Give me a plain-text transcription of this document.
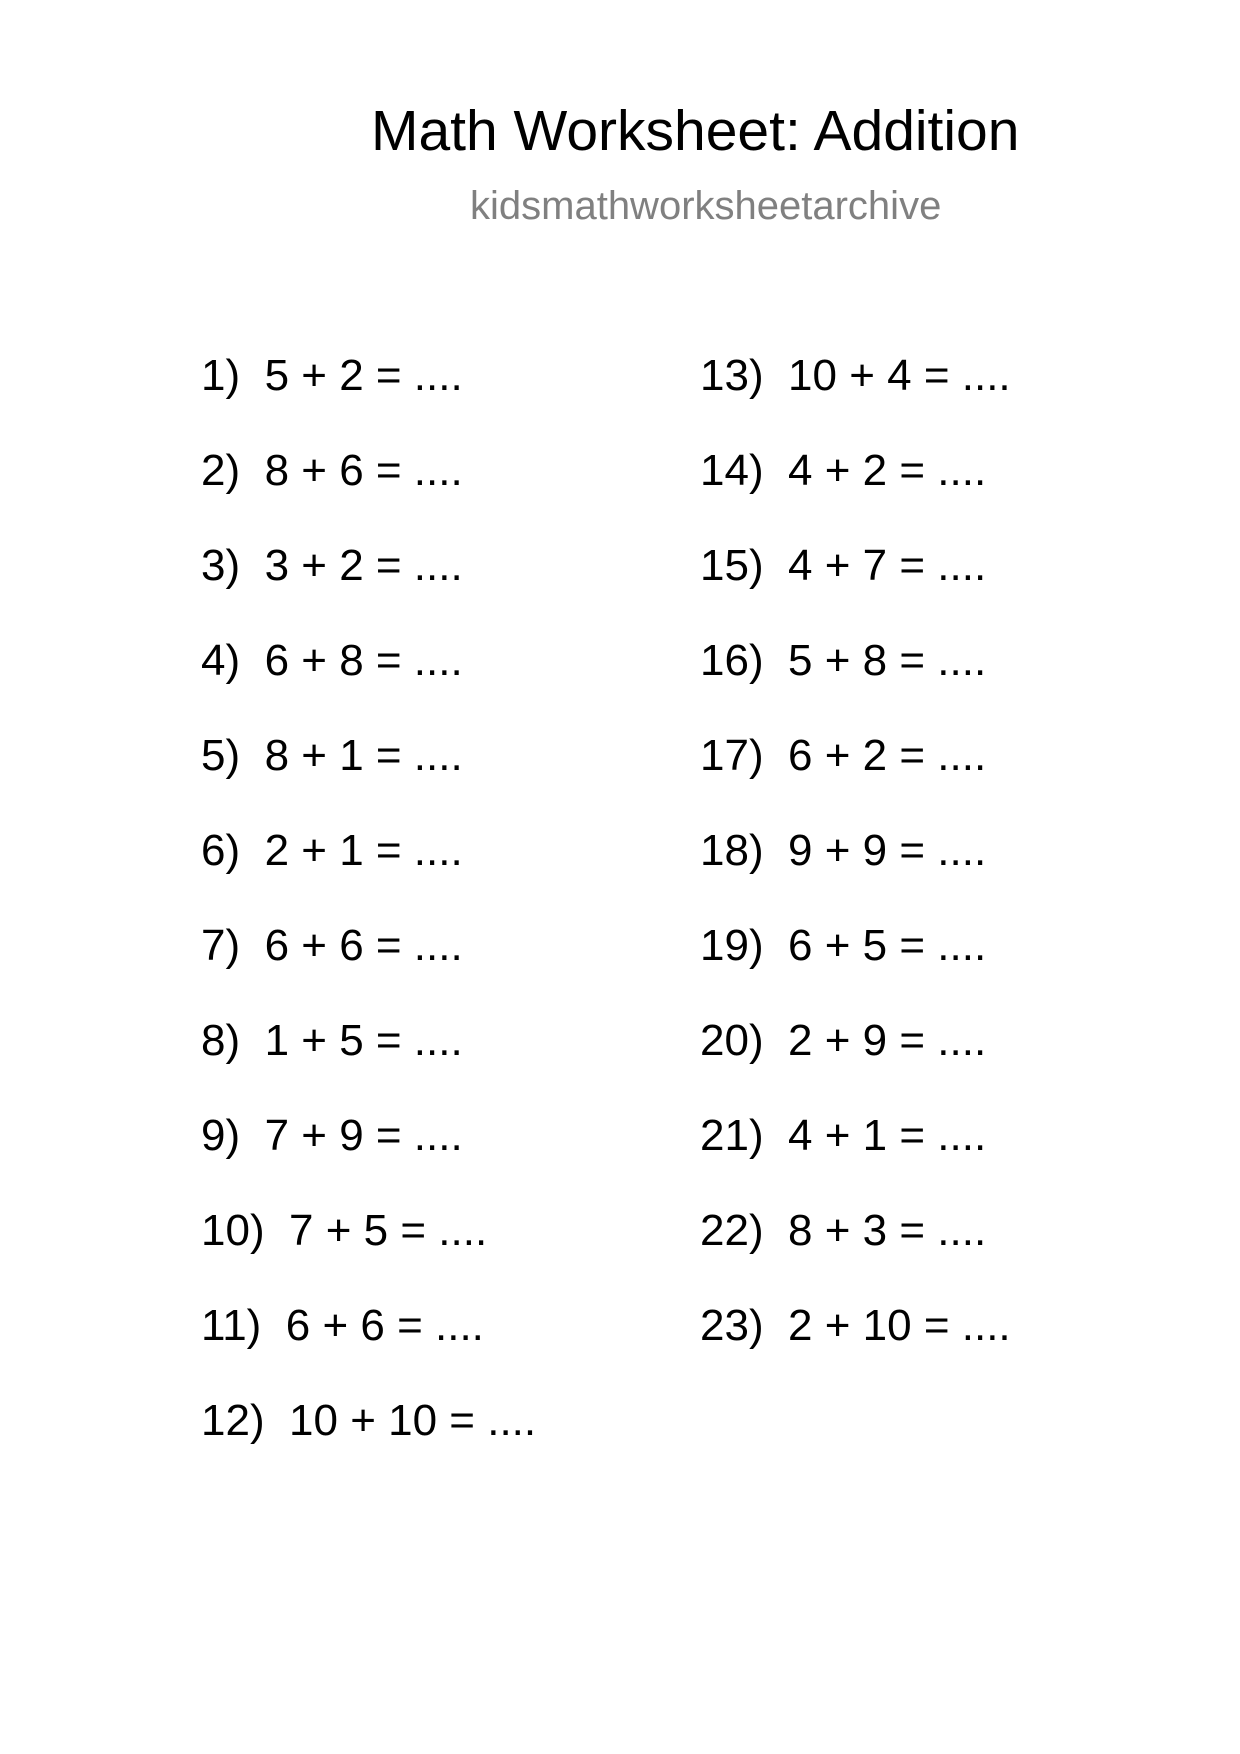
Math Worksheet: Addition
kidsmathworksheetarchive
1)  5 + 2 = ....
2)  8 + 6 = ....
3)  3 + 2 = ....
4)  6 + 8 = ....
5)  8 + 1 = ....
6)  2 + 1 = ....
7)  6 + 6 = ....
8)  1 + 5 = ....
9)  7 + 9 = ....
10)  7 + 5 = ....
11)  6 + 6 = ....
12)  10 + 10 = ....
13)  10 + 4 = ....
14)  4 + 2 = ....
15)  4 + 7 = ....
16)  5 + 8 = ....
17)  6 + 2 = ....
18)  9 + 9 = ....
19)  6 + 5 = ....
20)  2 + 9 = ....
21)  4 + 1 = ....
22)  8 + 3 = ....
23)  2 + 10 = ....
